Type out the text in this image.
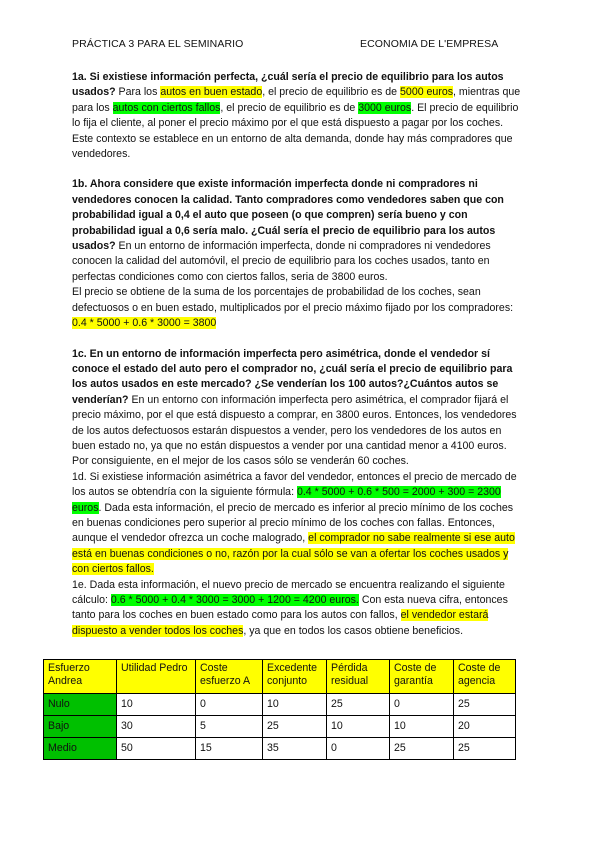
PRÁCTICA 3 PARA EL SEMINARIO	ECONOMIA DE L'EMPRESA

1a. Si existiese información perfecta, ¿cuál sería el precio de equilibrio para los autos usados? Para los autos en buen estado, el precio de equilibrio es de 5000 euros, mientras que para los autos con ciertos fallos, el precio de equilibrio es de 3000 euros. El precio de equilibrio lo fija el cliente, al poner el precio máximo por el que está dispuesto a pagar por los coches. Este contexto se establece en un entorno de alta demanda, donde hay más compradores que vendedores.

1b. Ahora considere que existe información imperfecta donde ni compradores ni vendedores conocen la calidad. Tanto compradores como vendedores saben que con probabilidad igual a 0,4 el auto que poseen (o que compren) sería bueno y con probabilidad igual a 0,6 sería malo. ¿Cuál sería el precio de equilibrio para los autos usados? En un entorno de información imperfecta, donde ni compradores ni vendedores conocen la calidad del automóvil, el precio de equilibrio para los coches usados, tanto en perfectas condiciones como con ciertos fallos, seria de 3800 euros.

El precio se obtiene de la suma de los porcentajes de probabilidad de los coches, sean defectuosos o en buen estado, multiplicados por el precio máximo fijado por los compradores: 0.4 * 5000 + 0.6 * 3000 = 3800

1c. En un entorno de información imperfecta pero asimétrica, donde el vendedor sí conoce el estado del auto pero el comprador no, ¿cuál sería el precio de equilibrio para los autos usados en este mercado? ¿Se venderían los 100 autos?¿Cuántos autos se venderían? En un entorno con información imperfecta pero asimétrica, el comprador fijará el precio máximo, por el que está dispuesto a comprar, en 3800 euros. Entonces, los vendedores de los autos defectuosos estarán dispuestos a vender, pero los vendedores de los autos en buen estado no, ya que no están dispuestos a vender por una cantidad menor a 4100 euros. Por consiguiente, en el mejor de los casos sólo se venderán 60 coches.

1d. Si existiese información asimétrica a favor del vendedor, entonces el precio de mercado de los autos se obtendría con la siguiente fórmula: 0.4 * 5000 + 0.6 * 500 = 2000 + 300 = 2300 euros. Dada esta información, el precio de mercado es inferior al precio mínimo de los coches en buenas condiciones pero superior al precio mínimo de los coches con fallas. Entonces, aunque el vendedor ofrezca un coche malogrado, el comprador no sabe realmente si ese auto está en buenas condiciones o no, razón por la cual sólo se van a ofertar los coches usados y con ciertos fallos.

1e. Dada esta información, el nuevo precio de mercado se encuentra realizando el siguiente cálculo: 0.6 * 5000 + 0.4 * 3000 = 3000 + 1200 = 4200 euros. Con esta nueva cifra, entonces tanto para los coches en buen estado como para los autos con fallos, el vendedor estará dispuesto a vender todos los coches, ya que en todos los casos obtiene beneficios.

Esfuerzo Andrea	Utilidad Pedro	Coste esfuerzo A	Excedente conjunto	Pérdida residual	Coste de garantía	Coste de agencia
Nulo	10	0	10	25	0	25
Bajo	30	5	25	10	10	20
Medio	50	15	35	0	25	25
